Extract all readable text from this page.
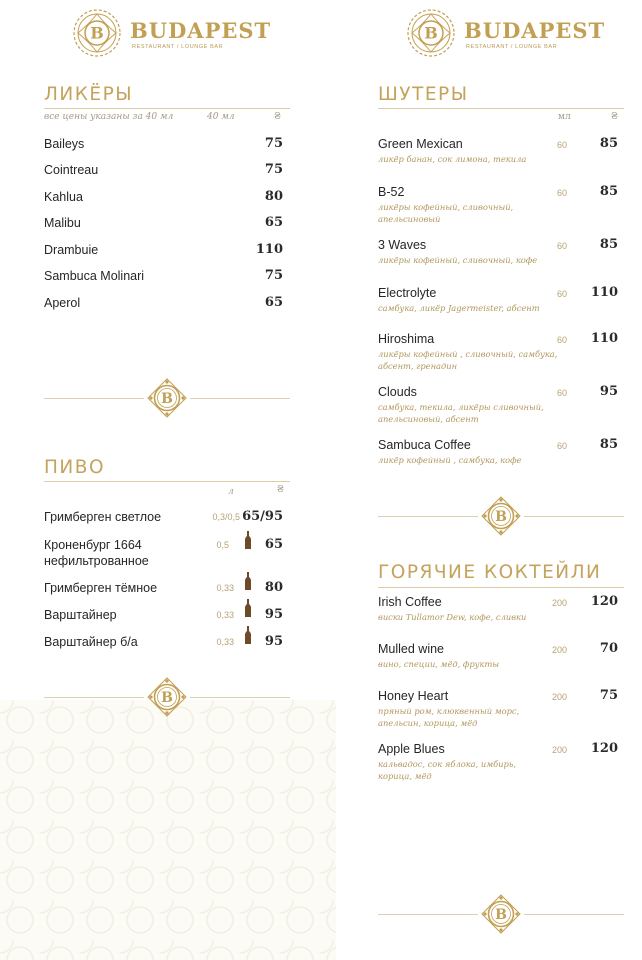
BUDAPEST
RESTAURANT / LOUNGE BAR
ЛИКЁРЫ
все цены указаны за 40 мл	40 мл	₴
Baileys	75
Cointreau	75
Kahlua	80
Malibu	65
Drambuie	110
Sambuca Molinari	75
Aperol	65
ПИВО
л	₴
Гримберген светлое	0,3/0,5 65/95
Кроненбург 1664 нефильтрованное
0,5	65
Гримберген тёмное	0,33 80
Варштайнер	0,33 95
Варштайнер б/а	0,33 95
BUDAPEST
RESTAURANT / LOUNGE BAR
ШУТЕРЫ
мл	₴
Green Mexican
ликёр банан, сок лимона, текила
60	85
B-52
ликёры кофейный, сливочный, апельсиновый
60	85
3 Waves
ликёры кофейный, сливочный, кофе
60	85
Electrolyte
самбука, ликёр Jagermeister, абсент
60 110
Hiroshima
ликёры кофейный , сливочный, самбука, абсент, гренадин
60 110
Clouds
самбука, текила, ликёры сливочный, апельсиновый, абсент
60	95
Sambuca Coffee
ликёр кофейный , самбука, кофе
60	85
ГОРЯЧИЕ КОКТЕЙЛИ
Irish Coffee
виски Tullamor Dew, кофе, сливки
200 120
Mulled wine
вино, специи, мёд, фрукты
200	70
Honey Heart
пряный ром, клюквенный морс, апельсин, корица, мёд
200	75
Apple Blues
кальвадос, сок яблока, имбирь, корица, мёд
200 120
